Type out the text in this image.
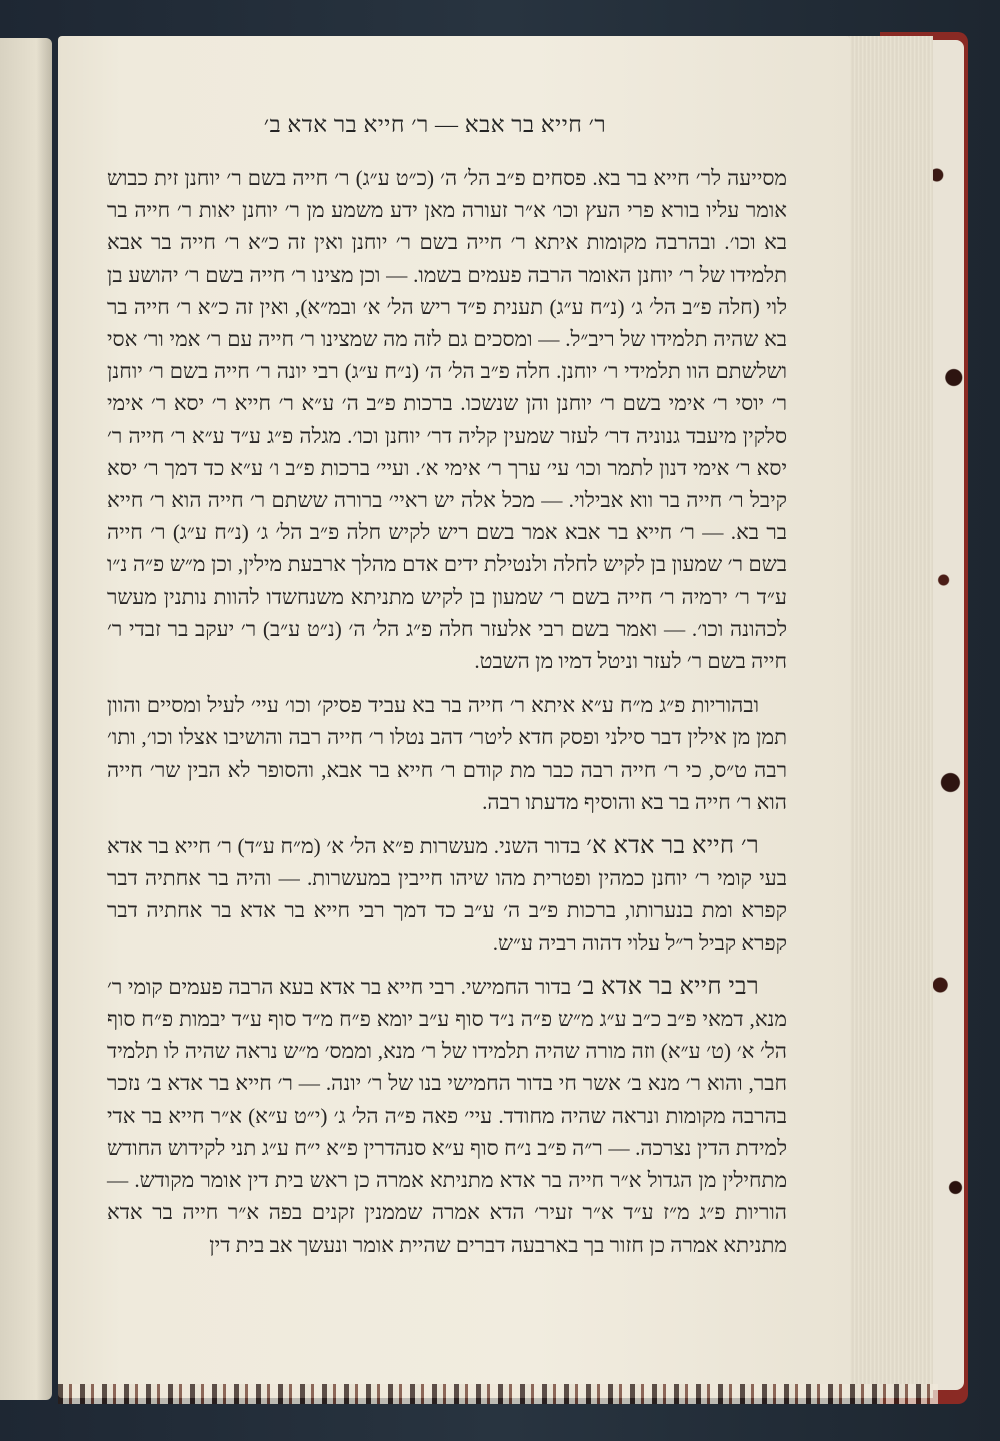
ר׳ חייא בר אבא — ר׳ חייא בר אדא ב׳

מסייעה לר׳ חייא בר בא. פסחים פ״ב הל׳ ה׳ (כ״ט ע״ג) ר׳ חייה בשם ר׳ יוחנן זית כבוש אומר עליו בורא פרי העץ וכו׳ א״ר זעורה מאן ידע משמע מן ר׳ יוחנן יאות ר׳ חייה בר בא וכו׳. ובהרבה מקומות איתא ר׳ חייה בשם ר׳ יוחנן ואין זה כ״א ר׳ חייה בר אבא תלמידו של ר׳ יוחנן האומר הרבה פעמים בשמו. — וכן מצינו ר׳ חייה בשם ר׳ יהושע בן לוי (חלה פ״ב הל׳ ג׳ (נ״ח ע״ג) תענית פ״ד ריש הל׳ א׳ ובמ״א), ואין זה כ״א ר׳ חייה בר בא שהיה תלמידו של ריב״ל. — ומסכים גם לזה מה שמצינו ר׳ חייה עם ר׳ אמי ור׳ אסי ושלשתם הוו תלמידי ר׳ יוחנן. חלה פ״ב הל׳ ה׳ (נ״ח ע״ג) רבי יונה ר׳ חייה בשם ר׳ יוחנן ר׳ יוסי ר׳ אימי בשם ר׳ יוחנן והן שנשכו. ברכות פ״ב ה׳ ע״א ר׳ חייא ר׳ יסא ר׳ אימי סלקין מיעבד גנוניה דר׳ לעזר שמעין קליה דר׳ יוחנן וכו׳. מגלה פ״ג ע״ד ע״א ר׳ חייה ר׳ יסא ר׳ אימי דנון לתמר וכו׳ עי׳ ערך ר׳ אימי א׳. ועיי׳ ברכות פ״ב ו׳ ע״א כד דמך ר׳ יסא קיבל ר׳ חייה בר ווא אבילוי. — מכל אלה יש ראיי׳ ברורה ששתם ר׳ חייה הוא ר׳ חייא בר בא. — ר׳ חייא בר אבא אמר בשם ריש לקיש חלה פ״ב הל׳ ג׳ (נ״ח ע״ג) ר׳ חייה בשם ר׳ שמעון בן לקיש לחלה ולנטילת ידים אדם מהלך ארבעת מילין, וכן מ״ש פ״ה נ״ו ע״ד ר׳ ירמיה ר׳ חייה בשם ר׳ שמעון בן לקיש מתניתא משנחשדו להוות נותנין מעשר לכהונה וכו׳. — ואמר בשם רבי אלעזר חלה פ״ג הל׳ ה׳ (נ״ט ע״ב) ר׳ יעקב בר זבדי ר׳ חייה בשם ר׳ לעזר וניטל דמיו מן השבט.

ובהוריות פ״ג מ״ח ע״א איתא ר׳ חייה בר בא עביד פסיק׳ וכו׳ עיי׳ לעיל ומסיים והוון תמן מן אילין דבר סילני ופסק חדא ליטר׳ דהב נטלו ר׳ חייה רבה והושיבו אצלו וכו׳, ותו׳ רבה ט״ס, כי ר׳ חייה רבה כבר מת קודם ר׳ חייא בר אבא, והסופר לא הבין שר׳ חייה הוא ר׳ חייה בר בא והוסיף מדעתו רבה.

ר׳ חייא בר אדא א׳ בדור השני. מעשרות פ״א הל׳ א׳ (מ״ח ע״ד) ר׳ חייא בר אדא בעי קומי ר׳ יוחנן כמהין ופטרית מהו שיהו חייבין במעשרות. — והיה בר אחתיה דבר קפרא ומת בנערותו, ברכות פ״ב ה׳ ע״ב כד דמך רבי חייא בר אדא בר אחתיה דבר קפרא קביל ר״ל עלוי דהוה רביה ע״ש.

רבי חייא בר אדא ב׳ בדור החמישי. רבי חייא בר אדא בעא הרבה פעמים קומי ר׳ מנא, דמאי פ״ב כ״ב ע״ג מ״ש פ״ה נ״ד סוף ע״ב יומא פ״ח מ״ד סוף ע״ד יבמות פ״ח סוף הל׳ א׳ (ט׳ ע״א) וזה מורה שהיה תלמידו של ר׳ מנא, וממס׳ מ״ש נראה שהיה לו תלמיד חבר, והוא ר׳ מנא ב׳ אשר חי בדור החמישי בנו של ר׳ יונה. — ר׳ חייא בר אדא ב׳ נזכר בהרבה מקומות ונראה שהיה מחודד. עיי׳ פאה פ״ה הל׳ ג׳ (י״ט ע״א) א״ר חייא בר אדי למידת הדין נצרכה. — ר״ה פ״ב נ״ח סוף ע״א סנהדרין פ״א י״ח ע״ג תני לקידוש החודש מתחילין מן הגדול א״ר חייה בר אדא מתניתא אמרה כן ראש בית דין אומר מקודש. — הוריות פ״ג מ״ז ע״ד א״ר זעיר׳ הדא אמרה שממנין זקנים בפה א״ר חייה בר אדא מתניתא אמרה כן חזור בך בארבעה דברים שהיית אומר ונעשך אב בית דין
